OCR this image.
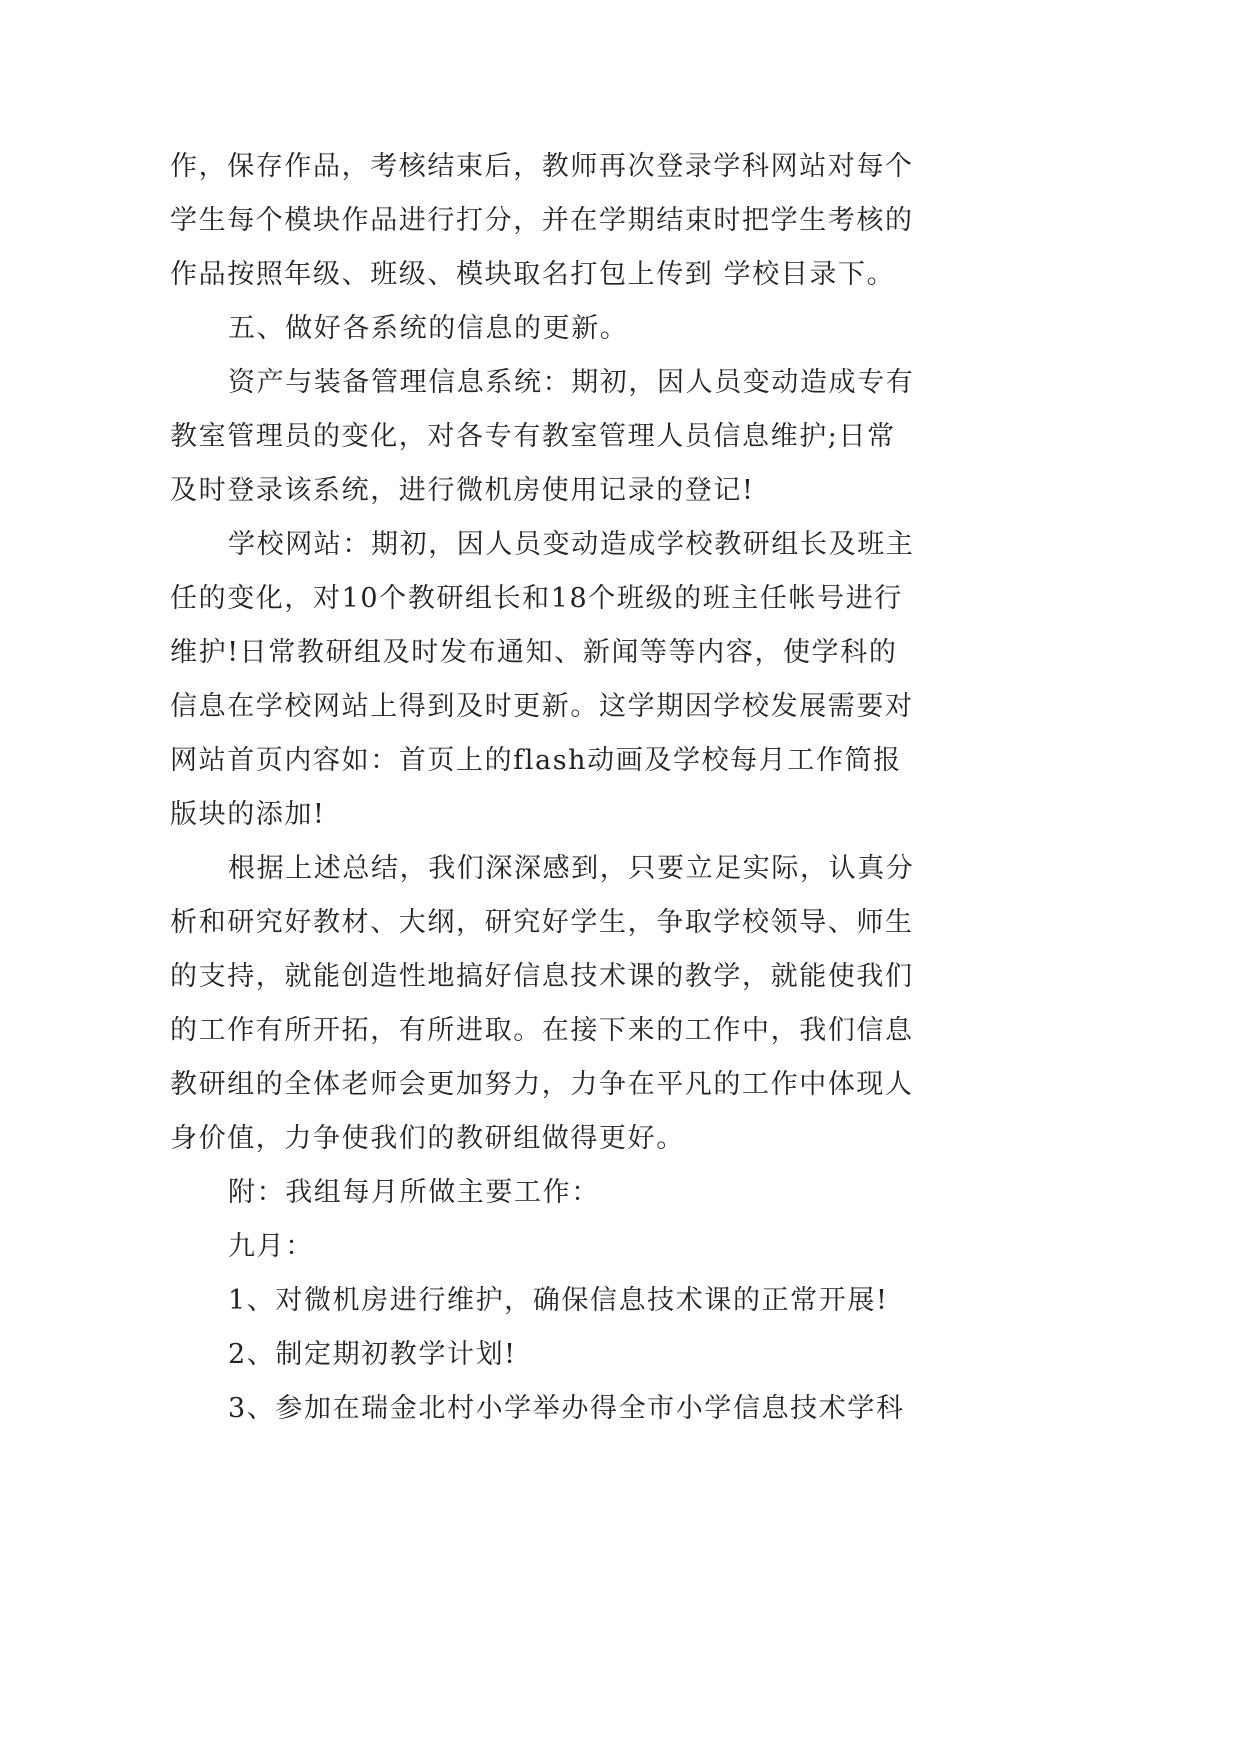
作，保存作品，考核结束后，教师再次登录学科网站对每个
学生每个模块作品进行打分，并在学期结束时把学生考核的
作品按照年级、班级、模块取名打包上传到 学校目录下。
五、做好各系统的信息的更新。
资产与装备管理信息系统：期初，因人员变动造成专有
教室管理员的变化，对各专有教室管理人员信息维护;日常
及时登录该系统，进行微机房使用记录的登记!
学校网站：期初，因人员变动造成学校教研组长及班主
任的变化，对10个教研组长和18个班级的班主任帐号进行
维护!日常教研组及时发布通知、新闻等等内容，使学科的
信息在学校网站上得到及时更新。这学期因学校发展需要对
网站首页内容如：首页上的flash动画及学校每月工作简报
版块的添加!
根据上述总结，我们深深感到，只要立足实际，认真分
析和研究好教材、大纲，研究好学生，争取学校领导、师生
的支持，就能创造性地搞好信息技术课的教学，就能使我们
的工作有所开拓，有所进取。在接下来的工作中，我们信息
教研组的全体老师会更加努力，力争在平凡的工作中体现人
身价值，力争使我们的教研组做得更好。
附：我组每月所做主要工作：
九月：
1、对微机房进行维护，确保信息技术课的正常开展!
2、制定期初教学计划!
3、参加在瑞金北村小学举办得全市小学信息技术学科
